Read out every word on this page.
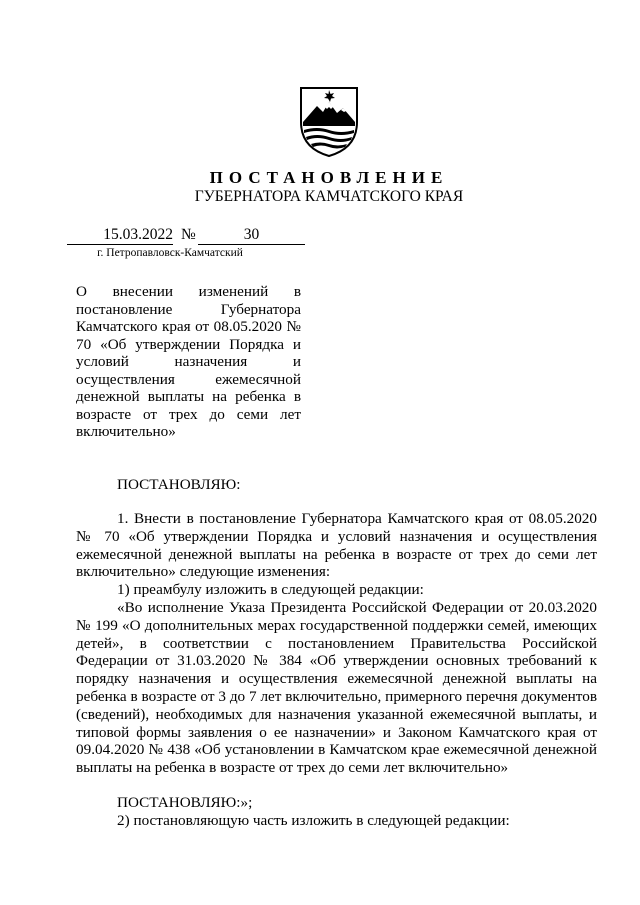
ПОСТАНОВЛЕНИЕ
ГУБЕРНАТОРА КАМЧАТСКОГО КРАЯ
15.03.2022 №	30
г. Петропавловск-Камчатский

О внесении изменений в постановление Губернатора Камчатского края от 08.05.2020 № 70 «Об утверждении Порядка и условий назначения и осуществления ежемесячной денежной выплаты на ребенка в возрасте от трех до семи лет включительно»

ПОСТАНОВЛЯЮ:

1. Внести в постановление Губернатора Камчатского края от 08.05.2020 № 70 «Об утверждении Порядка и условий назначения и осуществления ежемесячной денежной выплаты на ребенка в возрасте от трех до семи лет включительно» следующие изменения:

1) преамбулу изложить в следующей редакции:

«Во исполнение Указа Президента Российской Федерации от 20.03.2020 № 199 «О дополнительных мерах государственной поддержки семей, имеющих детей», в соответствии с постановлением Правительства Российской Федерации от 31.03.2020 № 384 «Об утверждении основных требований к порядку назначения и осуществления ежемесячной денежной выплаты на ребенка в возрасте от 3 до 7 лет включительно, примерного перечня документов (сведений), необходимых для назначения указанной ежемесячной выплаты, и типовой формы заявления о ее назначении» и Законом Камчатского края от 09.04.2020 № 438 «Об установлении в Камчатском крае ежемесячной денежной выплаты на ребенка в возрасте от трех до семи лет включительно»

ПОСТАНОВЛЯЮ:»;

2) постановляющую часть изложить в следующей редакции:
